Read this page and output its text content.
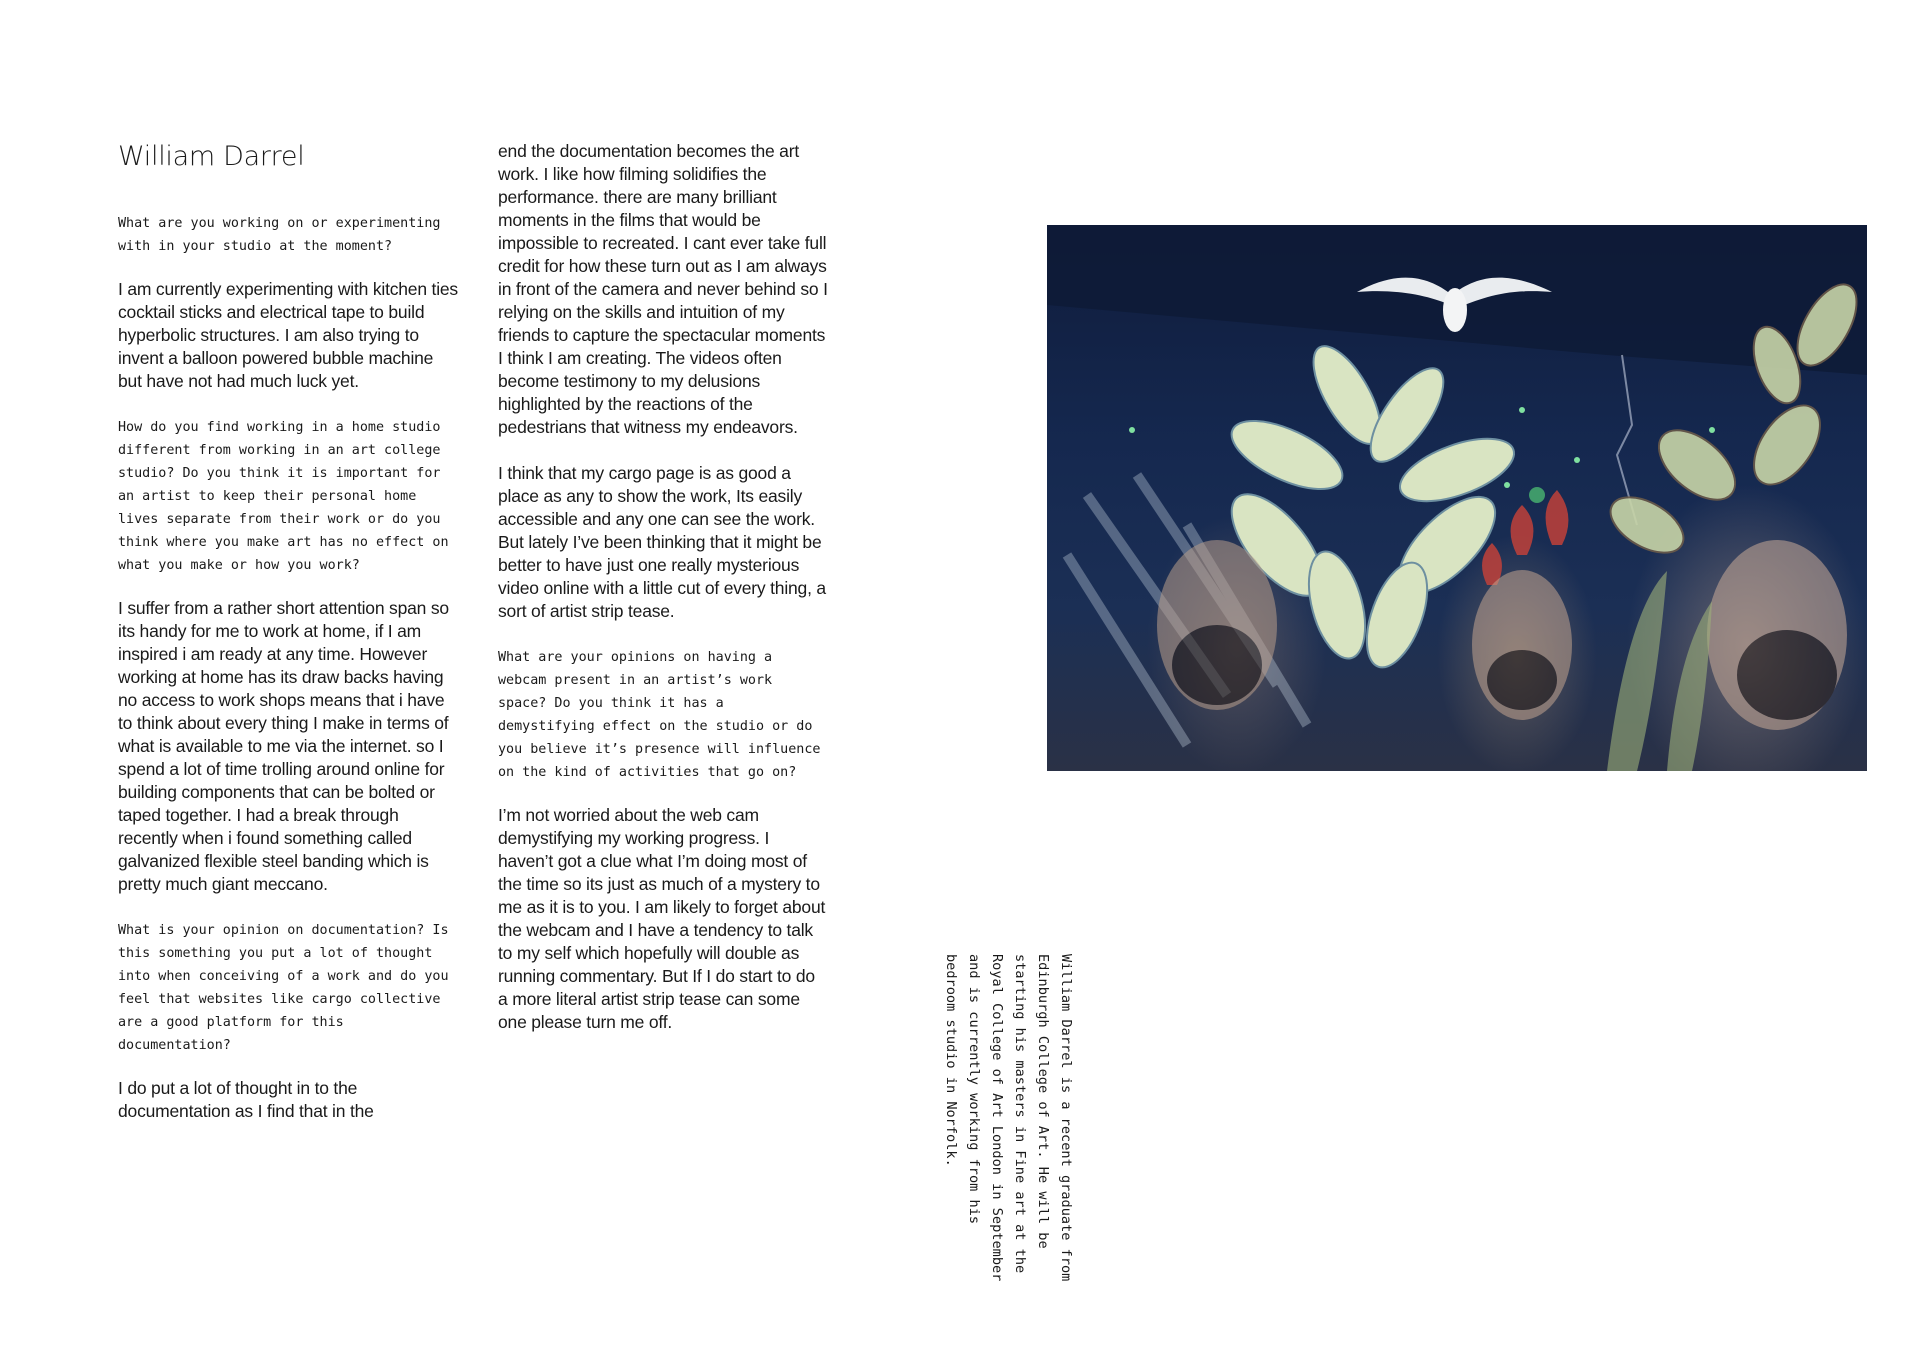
William Darrel

What are you working on or experimenting with in your studio at the moment?

I am currently experimenting with kitchen ties cocktail sticks and electrical tape to build hyperbolic structures. I am also trying to invent a balloon powered bubble machine but have not had much luck yet.

How do you find working in a home studio different from working in an art college studio? Do you think it is important for an artist to keep their personal home lives separate from their work or do you think where you make art has no effect on what you make or how you work?

I suffer from a rather short attention span so its handy for me to work at home, if I am inspired i am ready at any time. However working at home has its draw backs having no access to work shops means that i have to think about every thing I make in terms of what is available to me via the internet. so I spend a lot of time trolling around online for building components that can be bolted or taped together. I had a break through recently when i found something called galvanized flexible steel banding which is pretty much giant meccano.

What is your opinion on documentation? Is this something you put a lot of thought into when conceiving of a work and do you feel that websites like cargo collective are a good platform for this documentation?

I do put a lot of thought in to the documentation as I find that in the

end the documentation becomes the art work. I like how filming solidifies the performance. there are many brilliant moments in the films that would be impossible to recreated. I cant ever take full credit for how these turn out as I am always in front of the camera and never behind so I relying on the skills and intuition of my friends to capture the spectacular moments I think I am creating. The videos often become testimony to my delusions highlighted by the reactions of the pedestrians that witness my endeavors.

I think that my cargo page is as good a place as any to show the work, Its easily accessible and any one can see the work. But lately I’ve been thinking that it might be better to have just one really mysterious video online with a little cut of every thing, a sort of artist strip tease.

What are your opinions on having a webcam present in an artist’s work space? Do you think it has a demystifying effect on the studio or do you believe it’s presence will influence on the kind of activities that go on?

I’m not worried about the web cam demystifying my working progress. I haven’t got a clue what I’m doing most of the time so its just as much of a mystery to me as it is to you. I am likely to forget about the webcam and I have a tendency to talk to my self which hopefully will double as running commentary. But If I do start to do a more literal artist strip tease can some one please turn me off.	William Darrel is a recent graduate from Edinburgh College of Art. He will be starting his masters in Fine art at the Royal College of Art London in September and is currently working from his bedroom studio in Norfolk.
